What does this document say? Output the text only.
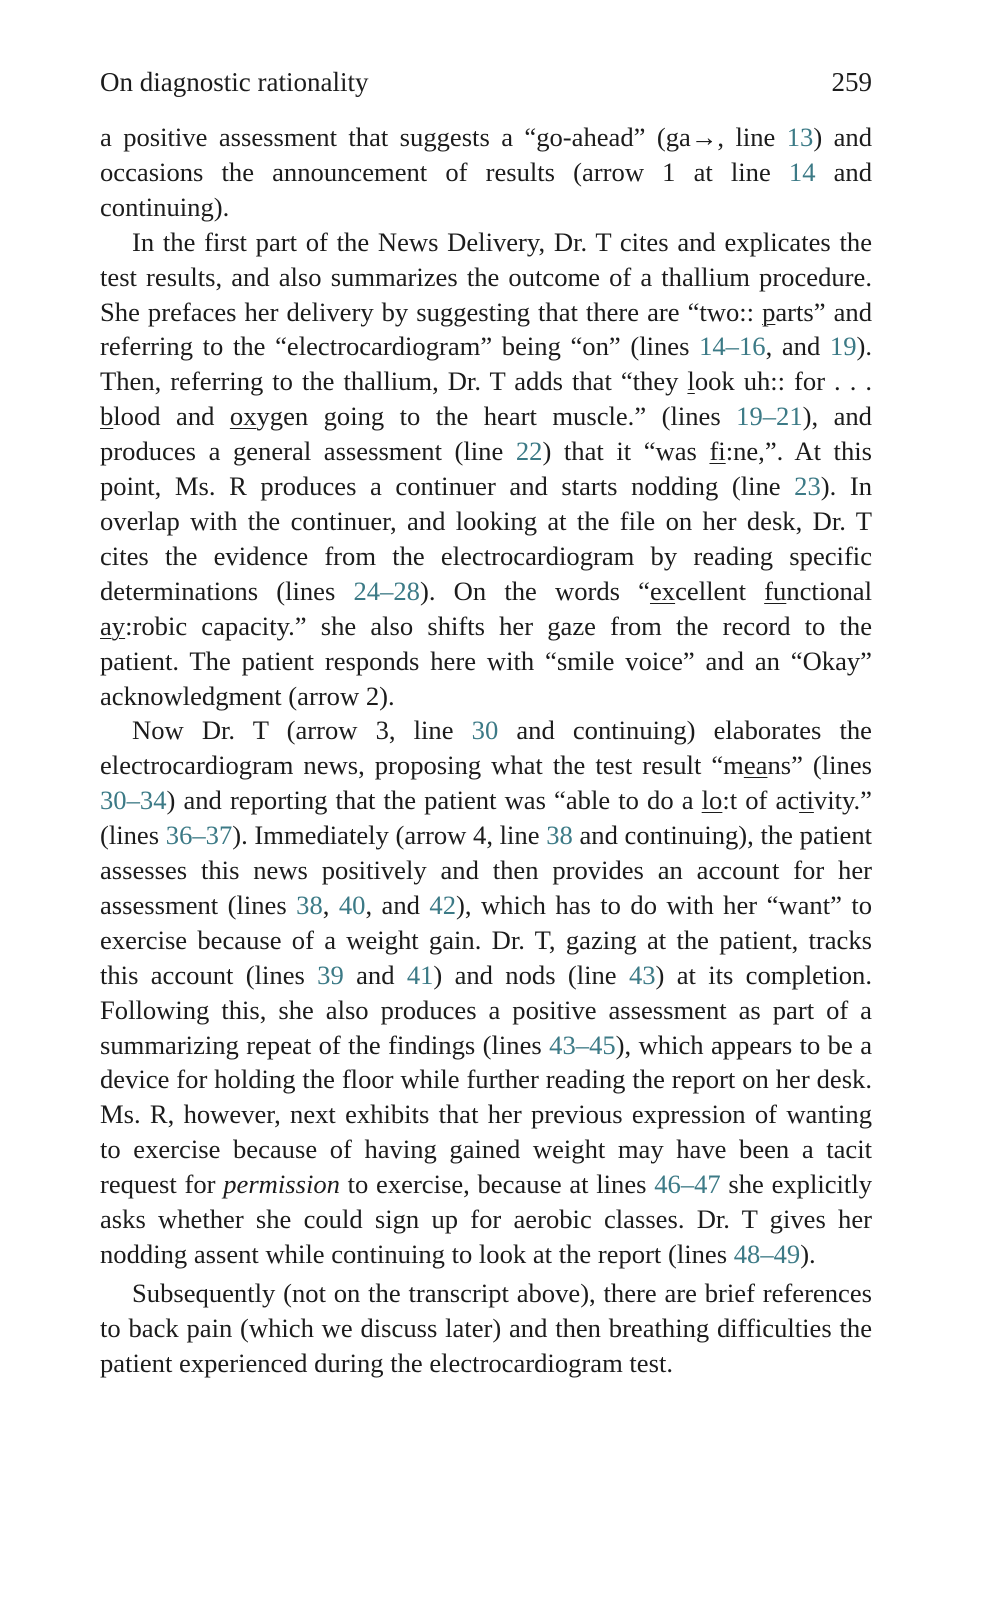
On diagnostic rationality	259

a positive assessment that suggests a “go-ahead” (ga→, line 13) and occasions the announcement of results (arrow 1 at line 14 and continuing).

In the first part of the News Delivery, Dr. T cites and explicates the test results, and also summarizes the outcome of a thallium procedure. She prefaces her delivery by suggesting that there are “two:: parts” and referring to the “electrocardiogram” being “on” (lines 14–16, and 19). Then, referring to the thallium, Dr. T adds that “they look uh:: for . . . blood and oxygen going to the heart muscle.” (lines 19–21), and produces a general assessment (line 22) that it “was fi:ne,”. At this point, Ms. R produces a continuer and starts nodding (line 23). In overlap with the continuer, and looking at the file on her desk, Dr. T cites the evidence from the electrocardiogram by reading specific determinations (lines 24–28). On the words “excellent functional ay:robic capacity.” she also shifts her gaze from the record to the patient. The patient responds here with “smile voice” and an “Okay” acknowledgment (arrow 2).

Now Dr. T (arrow 3, line 30 and continuing) elaborates the electrocardiogram news, proposing what the test result “means” (lines 30–34) and reporting that the patient was “able to do a lo:t of activity.” (lines 36–37). Immediately (arrow 4, line 38 and continuing), the patient assesses this news positively and then provides an account for her assessment (lines 38, 40, and 42), which has to do with her “want” to exercise because of a weight gain. Dr. T, gazing at the patient, tracks this account (lines 39 and 41) and nods (line 43) at its completion. Following this, she also produces a positive assessment as part of a summarizing repeat of the findings (lines 43–45), which appears to be a device for holding the floor while further reading the report on her desk. Ms. R, however, next exhibits that her previous expression of wanting to exercise because of having gained weight may have been a tacit request for permission to exercise, because at lines 46–47 she explicitly asks whether she could sign up for aerobic classes. Dr. T gives her nodding assent while continuing to look at the report (lines 48–49).

Subsequently (not on the transcript above), there are brief references to back pain (which we discuss later) and then breathing difficulties the patient experienced during the electrocardiogram test.
